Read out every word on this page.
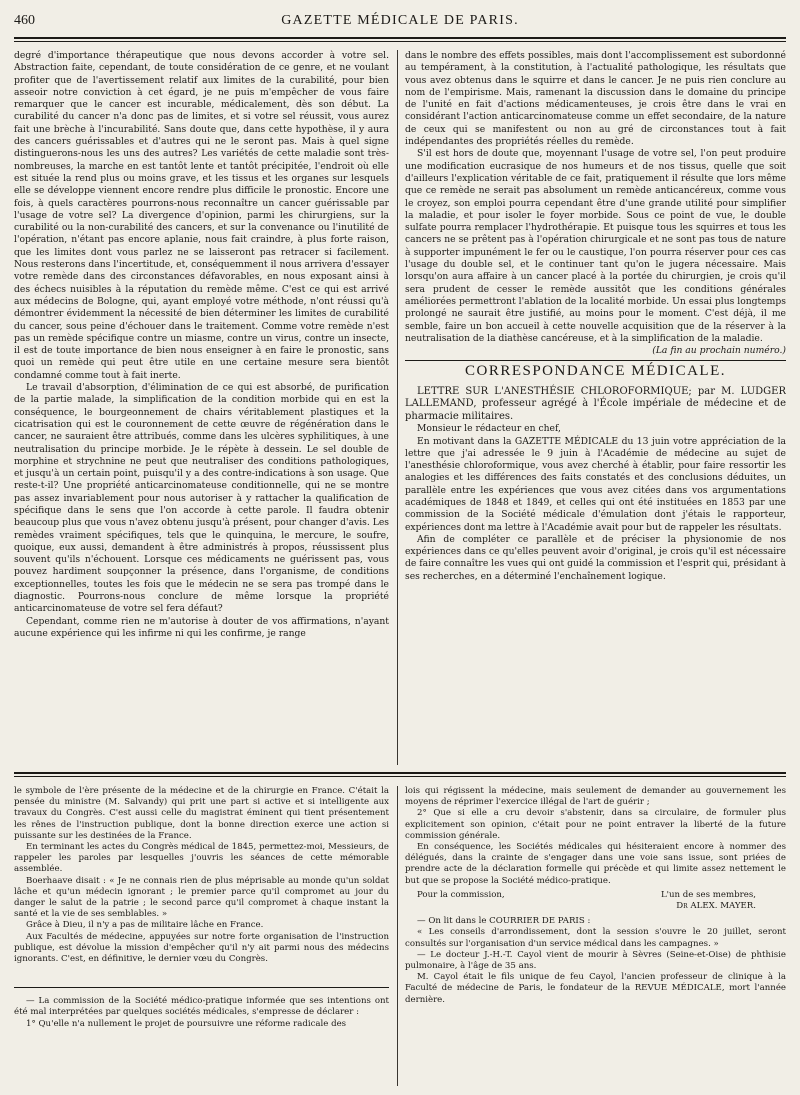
460	GAZETTE MÉDICALE DE PARIS.

degré d'importance thérapeutique que nous devons accorder à votre sel. Abstraction faite, cependant, de toute considération de ce genre, et ne voulant profiter que de l'avertissement relatif aux limites de la curabilité, pour bien asseoir notre conviction à cet égard, je ne puis m'empêcher de vous faire remarquer que le cancer est incurable, médicalement, dès son début. La curabilité du cancer n'a donc pas de limites, et si votre sel réussit, vous aurez fait une brèche à l'incurabilité. Sans doute que, dans cette hypothèse, il y aura des cancers guérissables et d'autres qui ne le seront pas. Mais à quel signe distinguerons-nous les uns des autres? Les variétés de cette maladie sont très-nombreuses, la marche en est tantôt lente et tantôt précipitée, l'endroit où elle est située la rend plus ou moins grave, et les tissus et les organes sur lesquels elle se développe viennent encore rendre plus difficile le pronostic. Encore une fois, à quels caractères pourrons-nous reconnaître un cancer guérissable par l'usage de votre sel? La divergence d'opinion, parmi les chirurgiens, sur la curabilité ou la non-curabilité des cancers, et sur la convenance ou l'inutilité de l'opération, n'étant pas encore aplanie, nous fait craindre, à plus forte raison, que les limites dont vous parlez ne se laisseront pas retracer si facilement. Nous resterons dans l'incertitude, et, conséquemment il nous arrivera d'essayer votre remède dans des circonstances défavorables, en nous exposant ainsi à des échecs nuisibles à la réputation du remède même. C'est ce qui est arrivé aux médecins de Bologne, qui, ayant employé votre méthode, n'ont réussi qu'à démontrer évidemment la nécessité de bien déterminer les limites de curabilité du cancer, sous peine d'échouer dans le traitement. Comme votre remède n'est pas un remède spécifique contre un miasme, contre un virus, contre un insecte, il est de toute importance de bien nous enseigner à en faire le pronostic, sans quoi un remède qui peut être utile en une certaine mesure sera bientôt condamné comme tout à fait inerte.

Le travail d'absorption, d'élimination de ce qui est absorbé, de purification de la partie malade, la simplification de la condition morbide qui en est la conséquence, le bourgeonnement de chairs véritablement plastiques et la cicatrisation qui est le couronnement de cette œuvre de régénération dans le cancer, ne sauraient être attribués, comme dans les ulcères syphilitiques, à une neutralisation du principe morbide. Je le répète à dessein. Le sel double de morphine et strychnine ne peut que neutraliser des conditions pathologiques, et jusqu'à un certain point, puisqu'il y a des contre-indications à son usage. Que reste-t-il? Une propriété anticarcinomateuse conditionnelle, qui ne se montre pas assez invariablement pour nous autoriser à y rattacher la qualification de spécifique dans le sens que l'on accorde à cette parole. Il faudra obtenir beaucoup plus que vous n'avez obtenu jusqu'à présent, pour changer d'avis. Les remèdes vraiment spécifiques, tels que le quinquina, le mercure, le soufre, quoique, eux aussi, demandent à être administrés à propos, réussissent plus souvent qu'ils n'échouent. Lorsque ces médicaments ne guérissent pas, vous pouvez hardiment soupçonner la présence, dans l'organisme, de conditions exceptionnelles, toutes les fois que le médecin ne se sera pas trompé dans le diagnostic. Pourrons-nous conclure de même lorsque la propriété anticarcinomateuse de votre sel fera défaut?

Cependant, comme rien ne m'autorise à douter de vos affirmations, n'ayant aucune expérience qui les infirme ni qui les confirme, je range

dans le nombre des effets possibles, mais dont l'accomplissement est subordonné au tempérament, à la constitution, à l'actualité pathologique, les résultats que vous avez obtenus dans le squirre et dans le cancer. Je ne puis rien conclure au nom de l'empirisme. Mais, ramenant la discussion dans le domaine du principe de l'unité en fait d'actions médicamenteuses, je crois être dans le vrai en considérant l'action anticarcinomateuse comme un effet secondaire, de la nature de ceux qui se manifestent ou non au gré de circonstances tout à fait indépendantes des propriétés réelles du remède.

S'il est hors de doute que, moyennant l'usage de votre sel, l'on peut produire une modification eucrasique de nos humeurs et de nos tissus, quelle que soit d'ailleurs l'explication véritable de ce fait, pratiquement il résulte que lors même que ce remède ne serait pas absolument un remède anticancéreux, comme vous le croyez, son emploi pourra cependant être d'une grande utilité pour simplifier la maladie, et pour isoler le foyer morbide. Sous ce point de vue, le double sulfate pourra remplacer l'hydrothérapie. Et puisque tous les squirres et tous les cancers ne se prêtent pas à l'opération chirurgicale et ne sont pas tous de nature à supporter impunément le fer ou le caustique, l'on pourra réserver pour ces cas l'usage du double sel, et le continuer tant qu'on le jugera nécessaire. Mais lorsqu'on aura affaire à un cancer placé à la portée du chirurgien, je crois qu'il sera prudent de cesser le remède aussitôt que les conditions générales améliorées permettront l'ablation de la localité morbide. Un essai plus longtemps prolongé ne saurait être justifié, au moins pour le moment. C'est déjà, il me semble, faire un bon accueil à cette nouvelle acquisition que de la réserver à la neutralisation de la diathèse cancéreuse, et à la simplification de la maladie.

(La fin au prochain numéro.)
CORRESPONDANCE MÉDICALE.

LETTRE SUR L'ANESTHÉSIE CHLOROFORMIQUE; par M. LUDGER LALLEMAND, professeur agrégé à l'École impériale de médecine et de pharmacie militaires.

Monsieur le rédacteur en chef,

En motivant dans la GAZETTE MÉDICALE du 13 juin votre appréciation de la lettre que j'ai adressée le 9 juin à l'Académie de médecine au sujet de l'anesthésie chloroformique, vous avez cherché à établir, pour faire ressortir les analogies et les différences des faits constatés et des conclusions déduites, un parallèle entre les expériences que vous avez citées dans vos argumentations académiques de 1848 et 1849, et celles qui ont été instituées en 1853 par une commission de la Société médicale d'émulation dont j'étais le rapporteur, expériences dont ma lettre à l'Académie avait pour but de rappeler les résultats.

Afin de compléter ce parallèle et de préciser la physionomie de nos expériences dans ce qu'elles peuvent avoir d'original, je crois qu'il est nécessaire de faire connaître les vues qui ont guidé la commission et l'esprit qui, présidant à ses recherches, en a déterminé l'enchaînement logique.

le symbole de l'ère présente de la médecine et de la chirurgie en France. C'était la pensée du ministre (M. Salvandy) qui prit une part si active et si intelligente aux travaux du Congrès. C'est aussi celle du magistrat éminent qui tient présentement les rênes de l'instruction publique, dont la bonne direction exerce une action si puissante sur les destinées de la France.

En terminant les actes du Congrès médical de 1845, permettez-moi, Messieurs, de rappeler les paroles par lesquelles j'ouvris les séances de cette mémorable assemblée.

Boerhaave disait : « Je ne connais rien de plus méprisable au monde qu'un soldat lâche et qu'un médecin ignorant ; le premier parce qu'il compromet au jour du danger le salut de la patrie ; le second parce qu'il compromet à chaque instant la santé et la vie de ses semblables. »

Grâce à Dieu, il n'y a pas de militaire lâche en France.

Aux Facultés de médecine, appuyées sur notre forte organisation de l'instruction publique, est dévolue la mission d'empêcher qu'il n'y ait parmi nous des médecins ignorants. C'est, en définitive, le dernier vœu du Congrès.

— La commission de la Société médico-pratique informée que ses intentions ont été mal interprétées par quelques sociétés médicales, s'empresse de déclarer :

1° Qu'elle n'a nullement le projet de poursuivre une réforme radicale des

lois qui régissent la médecine, mais seulement de demander au gouvernement les moyens de réprimer l'exercice illégal de l'art de guérir ;

2° Que si elle a cru devoir s'abstenir, dans sa circulaire, de formuler plus explicitement son opinion, c'était pour ne point entraver la liberté de la future commission générale.

En conséquence, les Sociétés médicales qui hésiteraient encore à nommer des délégués, dans la crainte de s'engager dans une voie sans issue, sont priées de prendre acte de la déclaration formelle qui précède et qui limite assez nettement le but que se propose la Société médico-pratique.

Pour la commission,	L'un de ses membres,
Dr ALEX. MAYER.

— On lit dans le COURRIER DE PARIS :

« Les conseils d'arrondissement, dont la session s'ouvre le 20 juillet, seront consultés sur l'organisation d'un service médical dans les campagnes. »

— Le docteur J.-H.-T. Cayol vient de mourir à Sèvres (Seine-et-Oise) de phthisie pulmonaire, à l'âge de 35 ans.

M. Cayol était le fils unique de feu Cayol, l'ancien professeur de clinique à la Faculté de médecine de Paris, le fondateur de la REVUE MÉDICALE, mort l'année dernière.
